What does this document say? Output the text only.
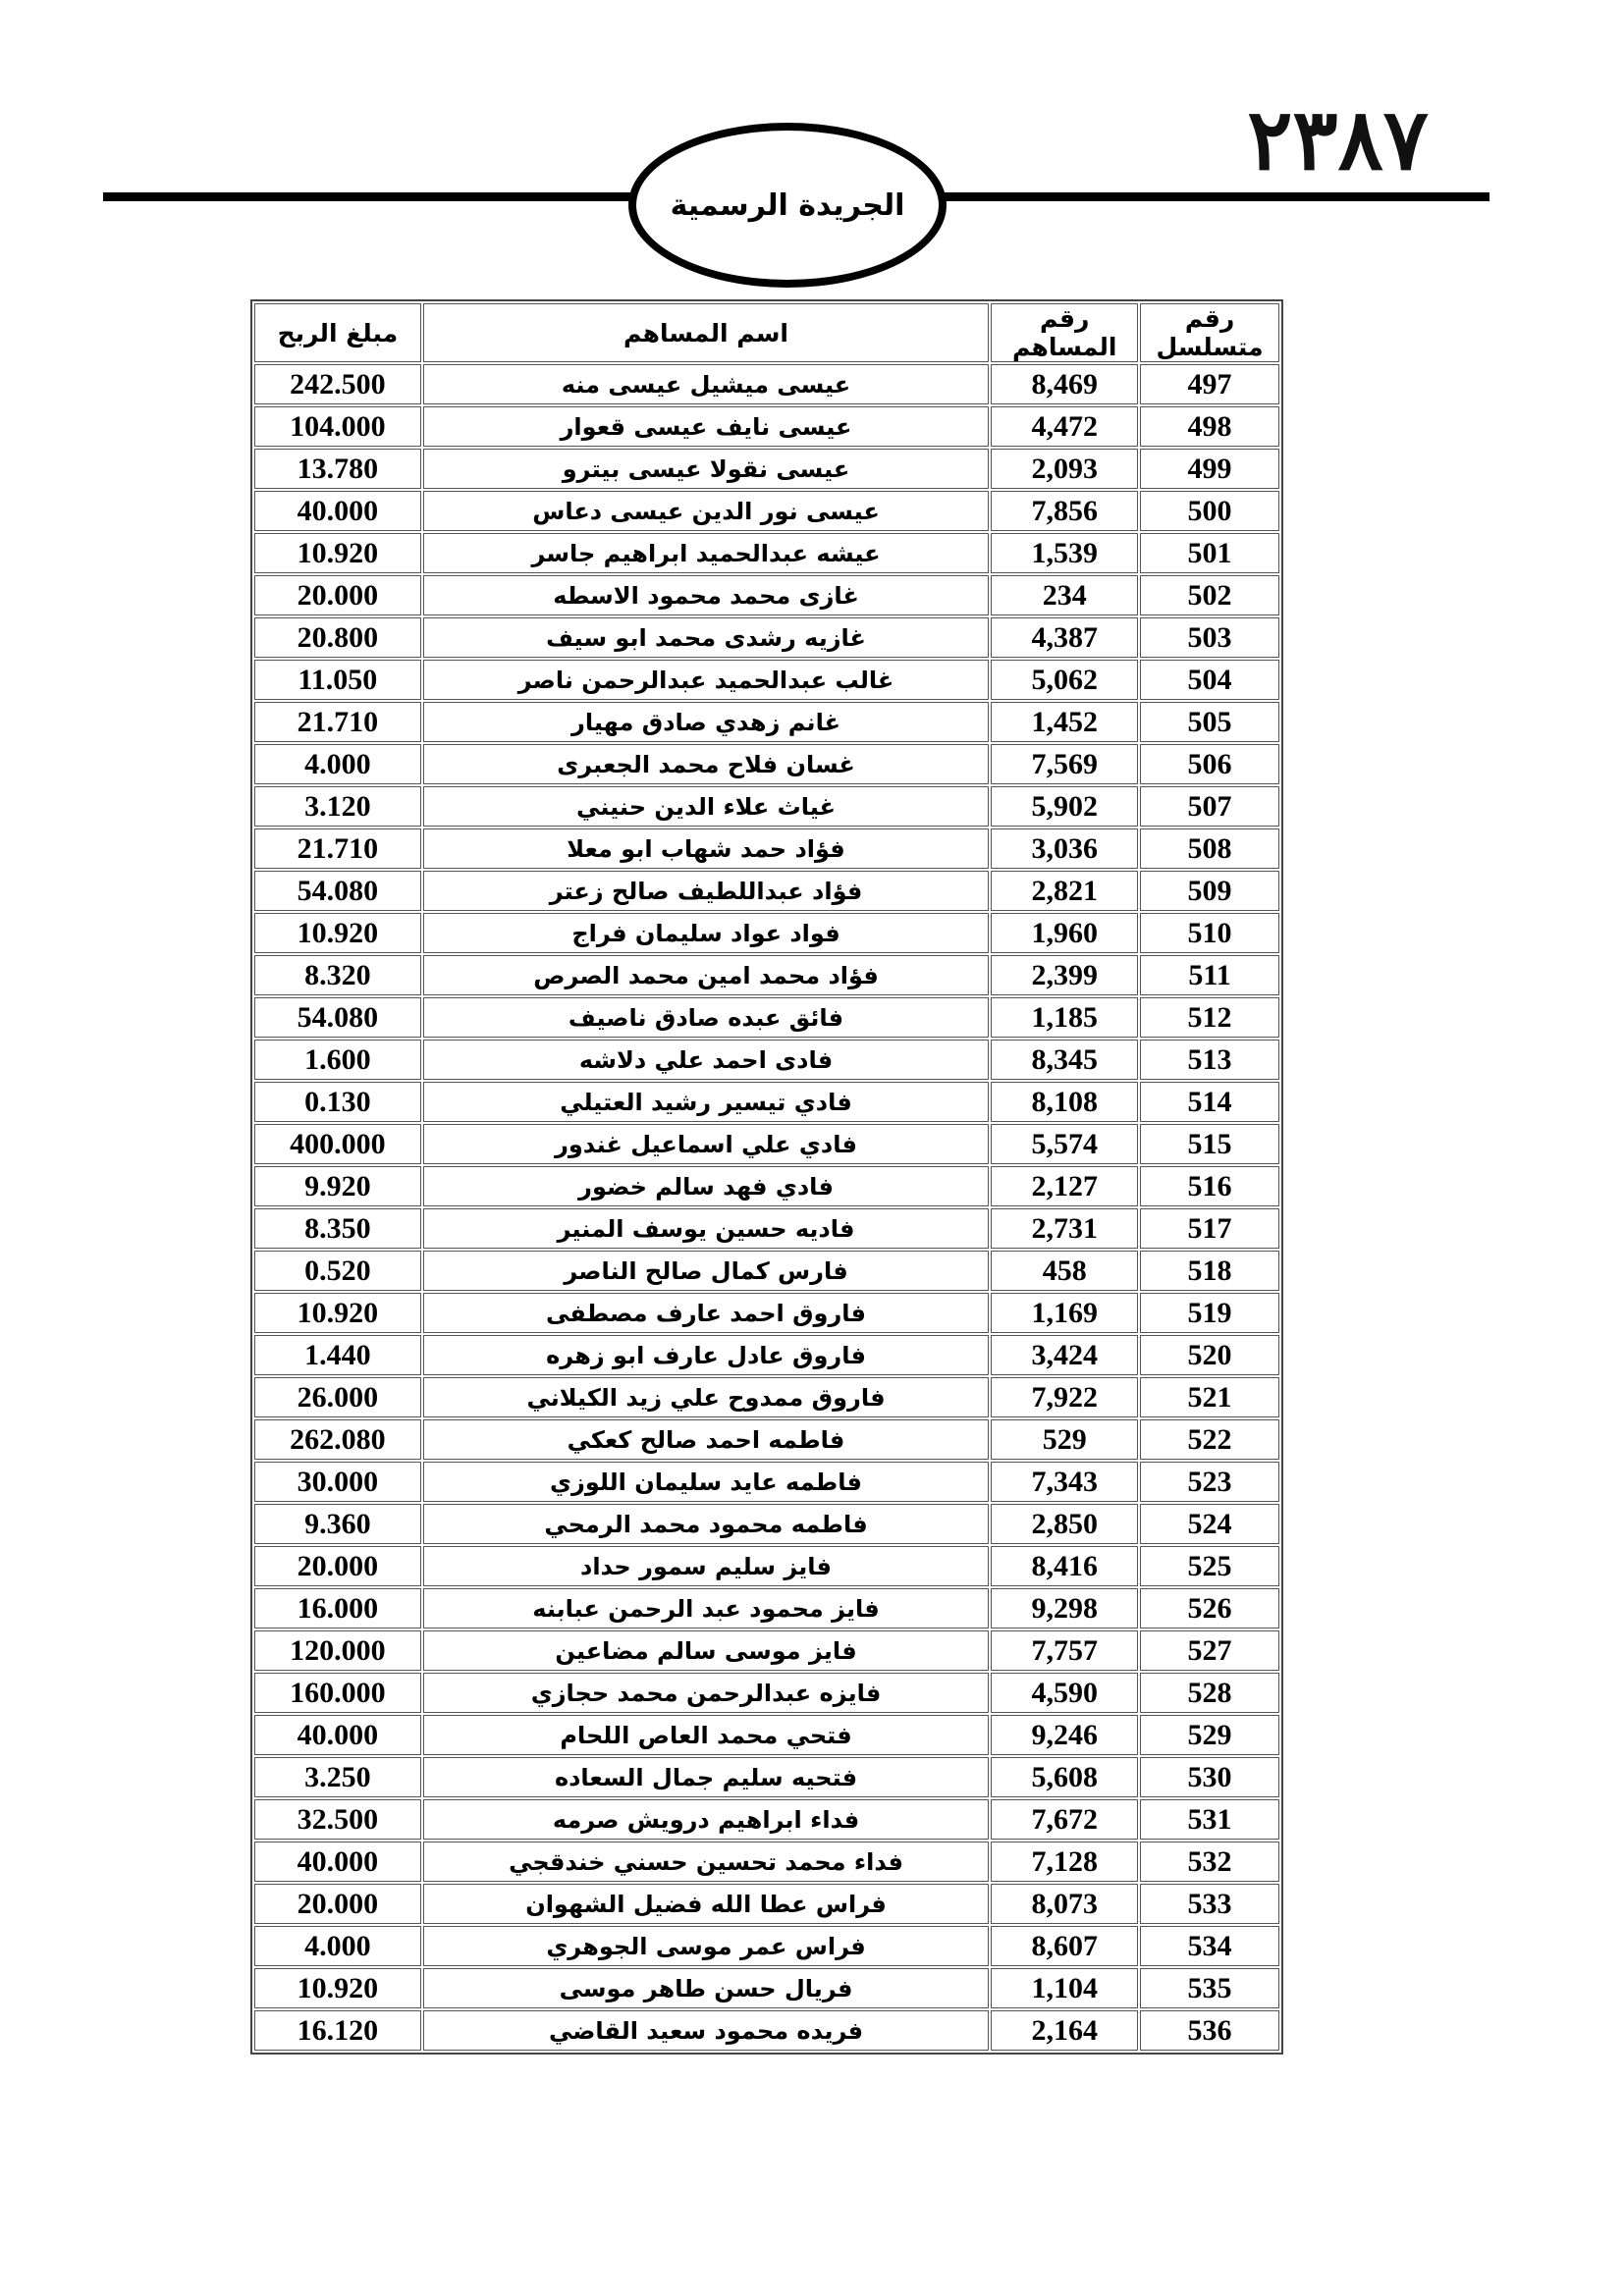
٢٣٨٧
الجريدة الرسمية
رقم متسلسل	رقم المساهم	اسم المساهم	مبلغ الربح
497	8,469	عيسى ميشيل عيسى منه	242.500
498	4,472	عيسى نايف عيسى قعوار	104.000
499	2,093	عيسى نقولا عيسى بيترو	13.780
500	7,856	عيسى نور الدين عيسى دعاس	40.000
501	1,539	عيشه عبدالحميد ابراهيم جاسر	10.920
502	234	غازى محمد محمود الاسطه	20.000
503	4,387	غازيه رشدى محمد ابو سيف	20.800
504	5,062	غالب عبدالحميد عبدالرحمن ناصر	11.050
505	1,452	غانم زهدي صادق مهيار	21.710
506	7,569	غسان فلاح محمد الجعبرى	4.000
507	5,902	غياث علاء الدين حنيني	3.120
508	3,036	فؤاد حمد شهاب ابو معلا	21.710
509	2,821	فؤاد عبداللطيف صالح زعتر	54.080
510	1,960	فواد عواد سليمان فراج	10.920
511	2,399	فؤاد محمد امين محمد الصرص	8.320
512	1,185	فائق عبده صادق ناصيف	54.080
513	8,345	فادى احمد علي دلاشه	1.600
514	8,108	فادي تيسير رشيد العتيلي	0.130
515	5,574	فادي علي اسماعيل غندور	400.000
516	2,127	فادي فهد سالم خضور	9.920
517	2,731	فاديه حسين يوسف المنير	8.350
518	458	فارس كمال صالح الناصر	0.520
519	1,169	فاروق احمد عارف مصطفى	10.920
520	3,424	فاروق عادل عارف ابو زهره	1.440
521	7,922	فاروق ممدوح علي زيد الكيلاني	26.000
522	529	فاطمه احمد صالح كعكي	262.080
523	7,343	فاطمه عايد سليمان اللوزي	30.000
524	2,850	فاطمه محمود محمد الرمحي	9.360
525	8,416	فايز سليم سمور حداد	20.000
526	9,298	فايز محمود عبد الرحمن عبابنه	16.000
527	7,757	فايز موسى سالم مضاعين	120.000
528	4,590	فايزه عبدالرحمن محمد حجازي	160.000
529	9,246	فتحي محمد العاص اللحام	40.000
530	5,608	فتحيه سليم جمال السعاده	3.250
531	7,672	فداء ابراهيم درويش صرمه	32.500
532	7,128	فداء محمد تحسين حسني خندقجي	40.000
533	8,073	فراس عطا الله فضيل الشهوان	20.000
534	8,607	فراس عمر موسى الجوهري	4.000
535	1,104	فريال حسن طاهر موسى	10.920
536	2,164	فريده محمود سعيد القاضي	16.120
